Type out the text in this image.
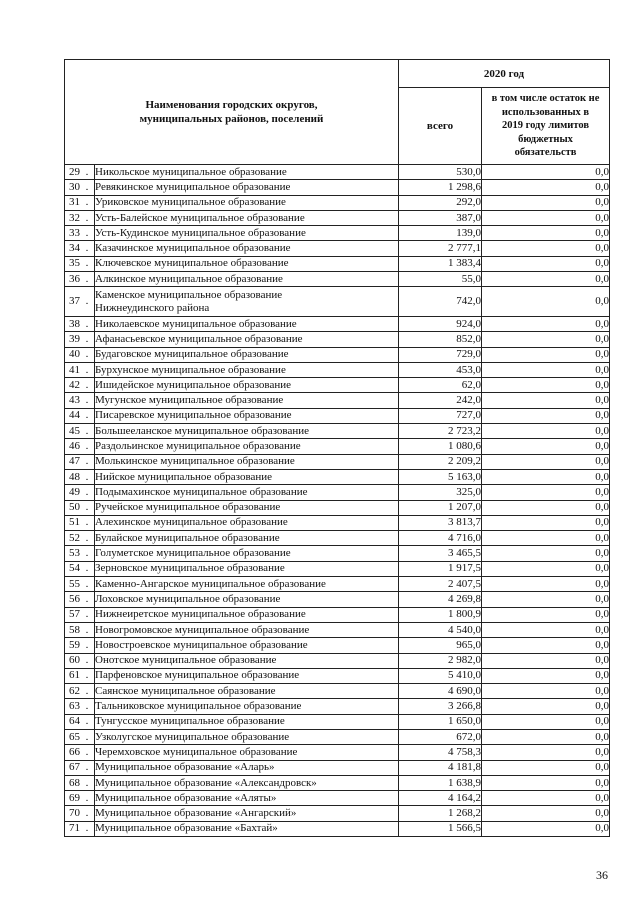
Наименования городских округов,
муниципальных районов, поселений		2020 год	
		всего	в том числе остаток не
использованных в
2019 году лимитов
бюджетных
обязательств

29 .	Никольское муниципальное образование	530,0	0,0
30 .	Ревякинское муниципальное образование	1 298,6	0,0
31 .	Уриковское муниципальное образование	292,0	0,0
32 .	Усть-Балейское муниципальное образование	387,0	0,0
33 .	Усть-Кудинское муниципальное образование	139,0	0,0
34 .	Казачинское муниципальное образование	2 777,1	0,0
35 .	Ключевское муниципальное образование	1 383,4	0,0
36 .	Алкинское муниципальное образование	55,0	0,0
37 .	Каменское муниципальное образование
Нижнеудинского района	742,0	0,0
38 .	Николаевское муниципальное образование	924,0	0,0
39 .	Афанасьевское муниципальное образование	852,0	0,0
40 .	Будаговское муниципальное образование	729,0	0,0
41 .	Бурхунское муниципальное образование	453,0	0,0
42 .	Ишидейское муниципальное образование	62,0	0,0
43 .	Мугунское муниципальное образование	242,0	0,0
44 .	Писаревское муниципальное образование	727,0	0,0
45 .	Большееланское муниципальное образование	2 723,2	0,0
46 .	Раздольинское муниципальное образование	1 080,6	0,0
47 .	Молькинское муниципальное образование	2 209,2	0,0
48 .	Нийское муниципальное образование	5 163,0	0,0
49 .	Подымахинское муниципальное образование	325,0	0,0
50 .	Ручейское муниципальное образование	1 207,0	0,0
51 .	Алехинское муниципальное образование	3 813,7	0,0
52 .	Булайское муниципальное образование	4 716,0	0,0
53 .	Голуметское муниципальное образование	3 465,5	0,0
54 .	Зерновское муниципальное образование	1 917,5	0,0
55 .	Каменно-Ангарское муниципальное образование	2 407,5	0,0
56 .	Лоховское муниципальное образование	4 269,8	0,0
57 .	Нижнеиретское муниципальное образование	1 800,9	0,0
58 .	Новогромовское муниципальное образование	4 540,0	0,0
59 .	Новостроевское муниципальное образование	965,0	0,0
60 .	Онотское муниципальное образование	2 982,0	0,0
61 .	Парфеновское муниципальное образование	5 410,0	0,0
62 .	Саянское муниципальное образование	4 690,0	0,0
63 .	Тальниковское муниципальное образование	3 266,8	0,0
64 .	Тунгусское муниципальное образование	1 650,0	0,0
65 .	Узколугское муниципальное образование	672,0	0,0
66 .	Черемховское муниципальное образование	4 758,3	0,0
67 .	Муниципальное образование «Аларь»	4 181,8	0,0
68 .	Муниципальное образование «Александровск»	1 638,9	0,0
69 .	Муниципальное образование «Аляты»	4 164,2	0,0
70 .	Муниципальное образование «Ангарский»	1 268,2	0,0
71 .	Муниципальное образование «Бахтай»	1 566,5	0,0
36
